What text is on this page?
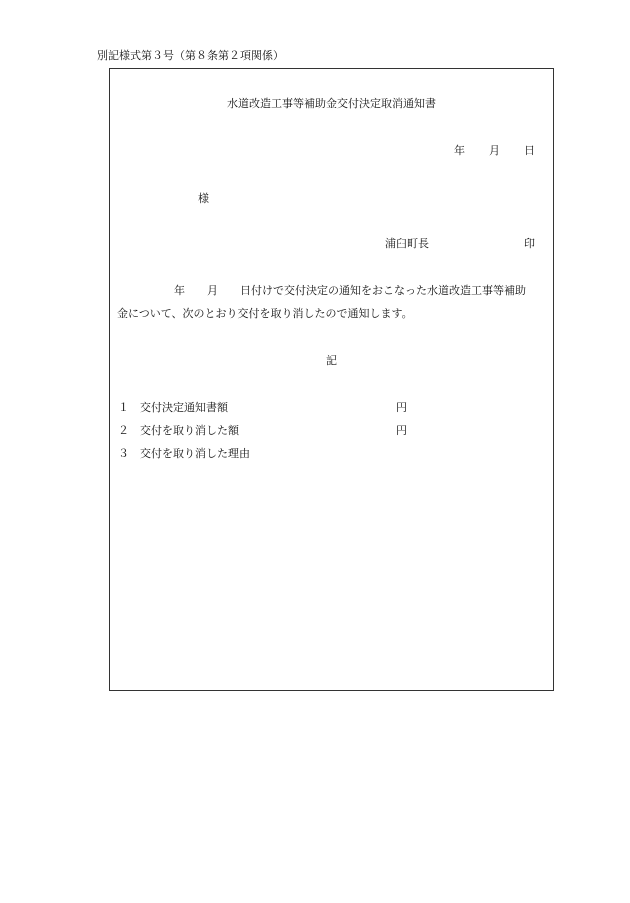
別記様式第３号（第８条第２項関係）
水道改造工事等補助金交付決定取消通知書
年 月 日
様
浦臼町長	印
年　　月　　日付けで交付決定の通知をおこなった水道改造工事等補助
金について、次のとおり交付を取り消したので通知します。
記
１ 交付決定通知書額	円
２ 交付を取り消した額	円
３ 交付を取り消した理由
